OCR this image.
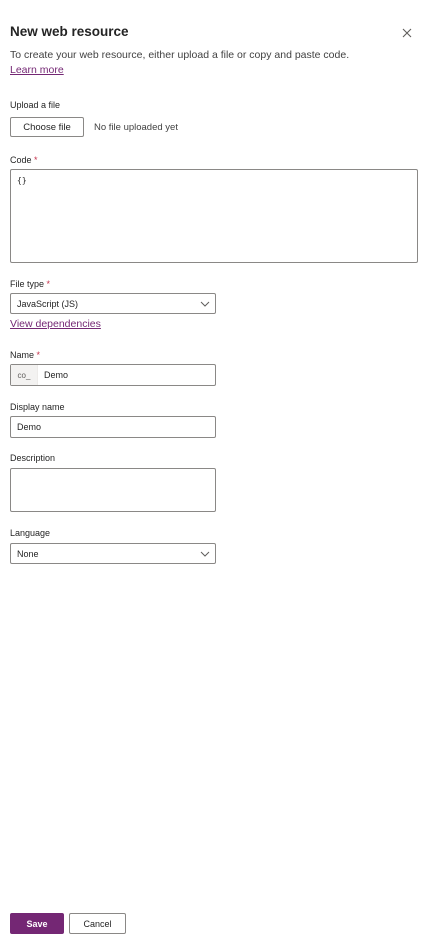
New web resource
To create your web resource, either upload a file or copy and paste code.
Learn more
Upload a file
Choose file	No file uploaded yet
Code *
{}
File type *
JavaScript (JS)
View dependencies
Name *
co_	Demo
Display name
Demo
Description
Language
None
Save	Cancel
